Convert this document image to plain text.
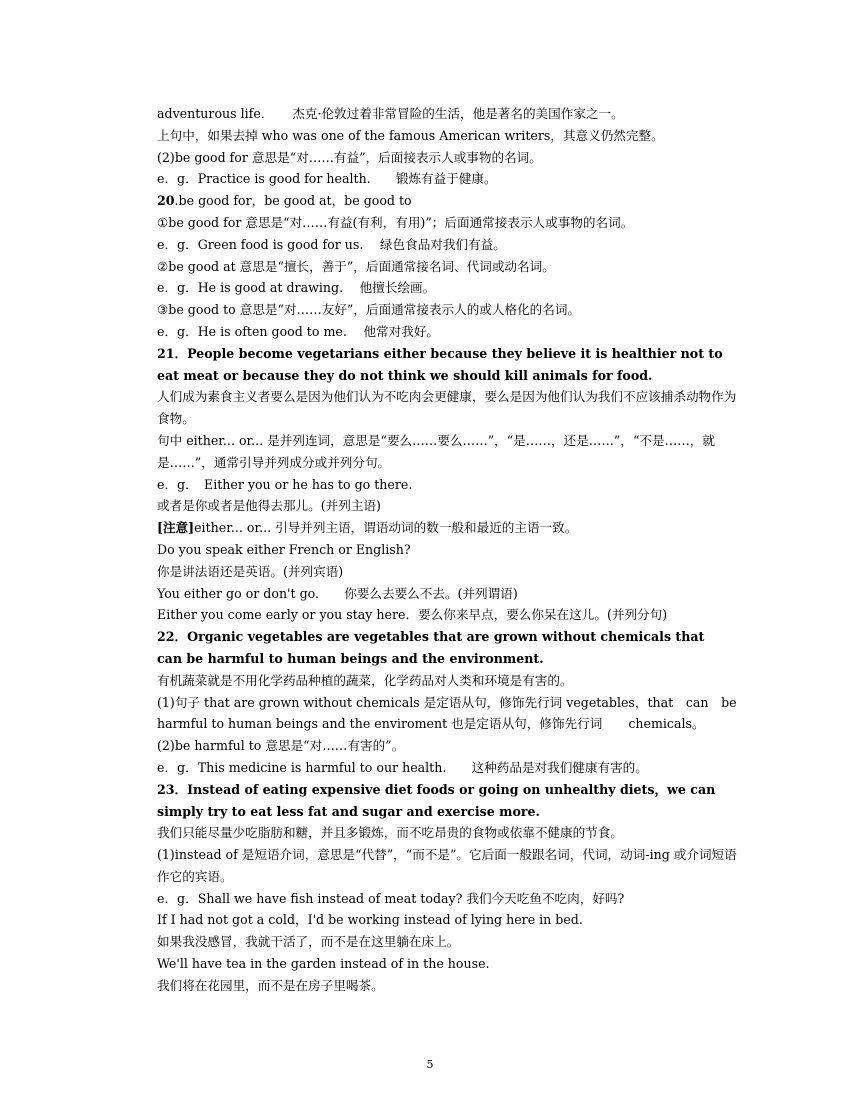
adventurous life．　　杰克·伦敦过着非常冒险的生活，他是著名的美国作家之一。
上句中，如果去掉 who was one of the famous American writers，其意义仍然完整。
(2)be good for 意思是“对……有益”，后面接表示人或事物的名词。
e．g．Practice is good for health.　　锻炼有益于健康。
20.be good for，be good at，be good to
①be good for 意思是“对……有益(有利，有用)”；后面通常接表示人或事物的名词。
e．g．Green food is good for us.　 绿色食品对我们有益。
②be good at 意思是“擅长，善于”，后面通常接名词、代词或动名词。
e．g．He is good at drawing.　 他擅长绘画。
③be good to 意思是“对……友好”，后面通常接表示人的或人格化的名词。
e．g．He is often good to me.　 他常对我好。
21．People become vegetarians either because they believe it is healthier not to
eat meat or because they do not think we should kill animals for food.
人们成为素食主义者要么是因为他们认为不吃肉会更健康，要么是因为他们认为我们不应该捕杀动物作为食物。
句中 either... or... 是并列连词，意思是“要么……要么……”，“是……，还是……”，“不是……，就是……”，通常引导并列成分或并列分句。
e．g．　Either you or he has to go there.
或者是你或者是他得去那儿。(并列主语)
[注意]either... or... 引导并列主语，谓语动词的数一般和最近的主语一致。
Do you speak either French or English?
你是讲法语还是英语。(并列宾语)
You either go or don't go.　　你要么去要么不去。(并列谓语)
Either you come early or you stay here．要么你来早点，要么你呆在这儿。(并列分句)
22．Organic vegetables are vegetables that are grown without chemicals that
can be harmful to human beings and the environment.
有机蔬菜就是不用化学药品种植的蔬菜，化学药品对人类和环境是有害的。
(1)句子 that are grown without chemicals 是定语从句，修饰先行词 vegetables，that　can　be
harmful to human beings and the enviroment 也是定语从句，修饰先行词 chemicals。
(2)be harmful to 意思是“对……有害的”。
e．g．This medicine is harmful to our health.　　这种药品是对我们健康有害的。
23．Instead of eating expensive diet foods or going on unhealthy diets，we can
simply try to eat less fat and sugar and exercise more.
我们只能尽量少吃脂肪和糖，并且多锻炼，而不吃昂贵的食物或依靠不健康的节食。
(1)instead of 是短语介词，意思是“代替”，“而不是”。它后面一般跟名词，代词，动词-ing 或介词短语作它的宾语。
e．g．Shall we have fish instead of meat today? 我们今天吃鱼不吃肉，好吗?
If I had not got a cold，I'd be working instead of lying here in bed.
如果我没感冒，我就干活了，而不是在这里躺在床上。
We'll have tea in the garden instead of in the house.
我们将在花园里，而不是在房子里喝茶。
5
